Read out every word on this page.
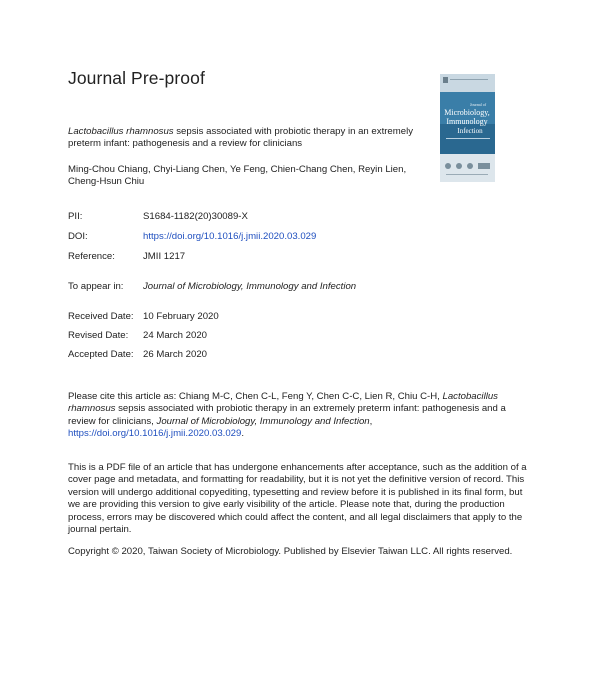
Journal Pre-proof
Journal of
Microbiology,
Immunology
Infection
Lactobacillus rhamnosus sepsis associated with probiotic therapy in an extremely preterm infant: pathogenesis and a review for clinicians
Ming-Chou Chiang, Chyi-Liang Chen, Ye Feng, Chien-Chang Chen, Reyin Lien, Cheng-Hsun Chiu
PII:	S1684-1182(20)30089-X
DOI:	https://doi.org/10.1016/j.jmii.2020.03.029
Reference:	JMII 1217
To appear in: Journal of Microbiology, Immunology and Infection
Received Date: 10 February 2020
Revised Date: 24 March 2020
Accepted Date: 26 March 2020
Please cite this article as: Chiang M-C, Chen C-L, Feng Y, Chen C-C, Lien R, Chiu C-H, Lactobacillus rhamnosus sepsis associated with probiotic therapy in an extremely preterm infant: pathogenesis and a review for clinicians, Journal of Microbiology, Immunology and Infection, https://doi.org/10.1016/j.jmii.2020.03.029.
This is a PDF file of an article that has undergone enhancements after acceptance, such as the addition of a cover page and metadata, and formatting for readability, but it is not yet the definitive version of record. This version will undergo additional copyediting, typesetting and review before it is published in its final form, but we are providing this version to give early visibility of the article. Please note that, during the production process, errors may be discovered which could affect the content, and all legal disclaimers that apply to the journal pertain.
Copyright © 2020, Taiwan Society of Microbiology. Published by Elsevier Taiwan LLC. All rights reserved.
